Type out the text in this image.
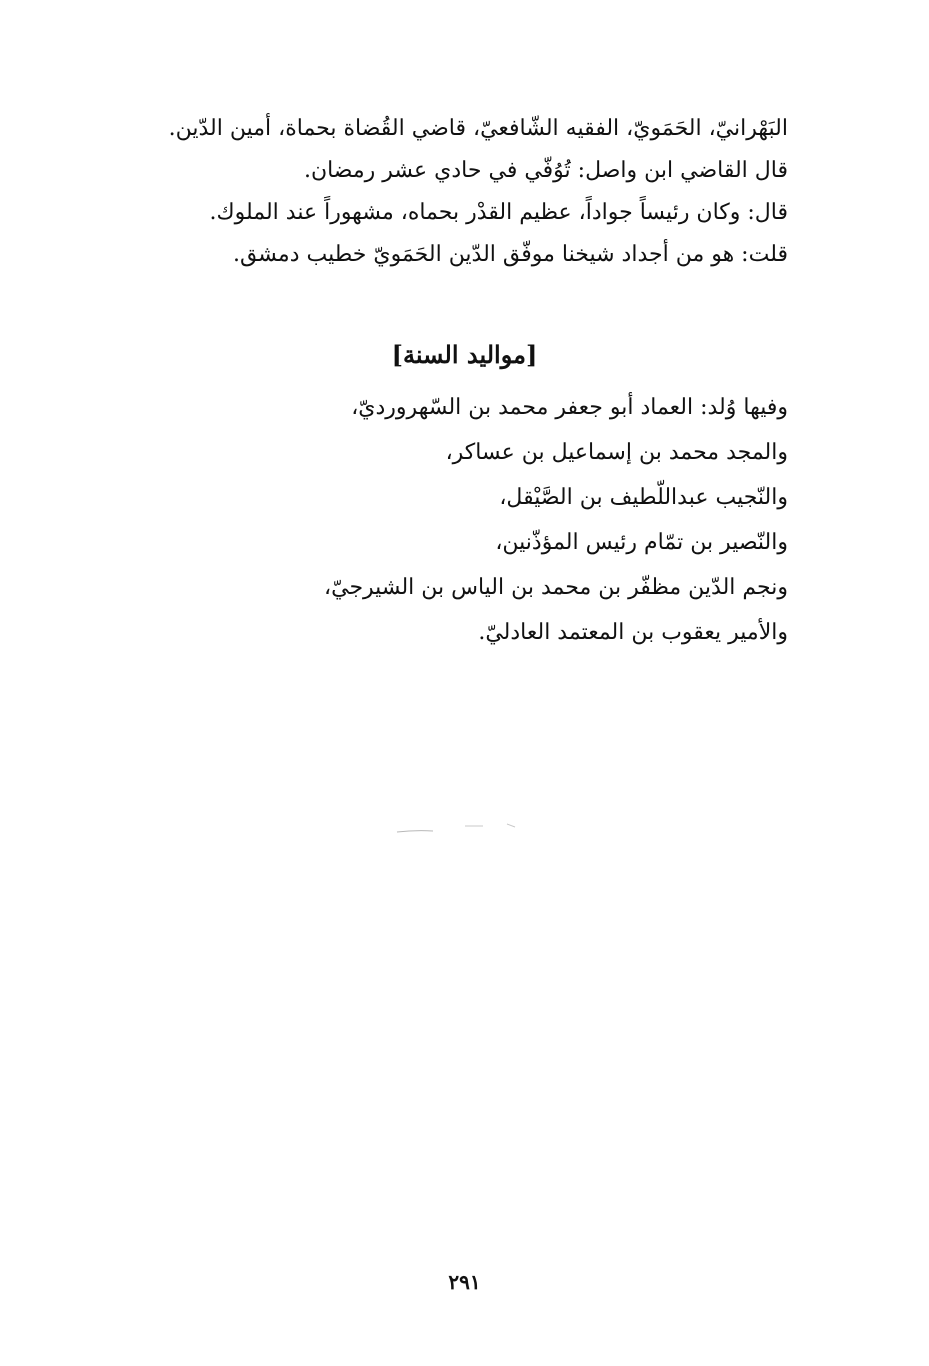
البَهْرانيّ، الحَمَويّ، الفقيه الشّافعيّ، قاضي القُضاة بحماة، أمين الدّين.
قال القاضي ابن واصل: تُوُفّي في حادي عشر رمضان.
قال: وكان رئيساً جواداً، عظيم القدْر بحماه، مشهوراً عند الملوك.
قلت: هو من أجداد شيخنا موفّق الدّين الحَمَويّ خطيب دمشق.
[مواليد السنة]
وفيها وُلد: العماد أبو جعفر محمد بن السّهرورديّ،
والمجد محمد بن إسماعيل بن عساكر،
والنّجيب عبداللّطيف بن الصَّيْقل،
والنّصير بن تمّام رئيس المؤذّنين،
ونجم الدّين مظفّر بن محمد بن الياس بن الشيرجيّ،
والأمير يعقوب بن المعتمد العادليّ.
٢٩١
